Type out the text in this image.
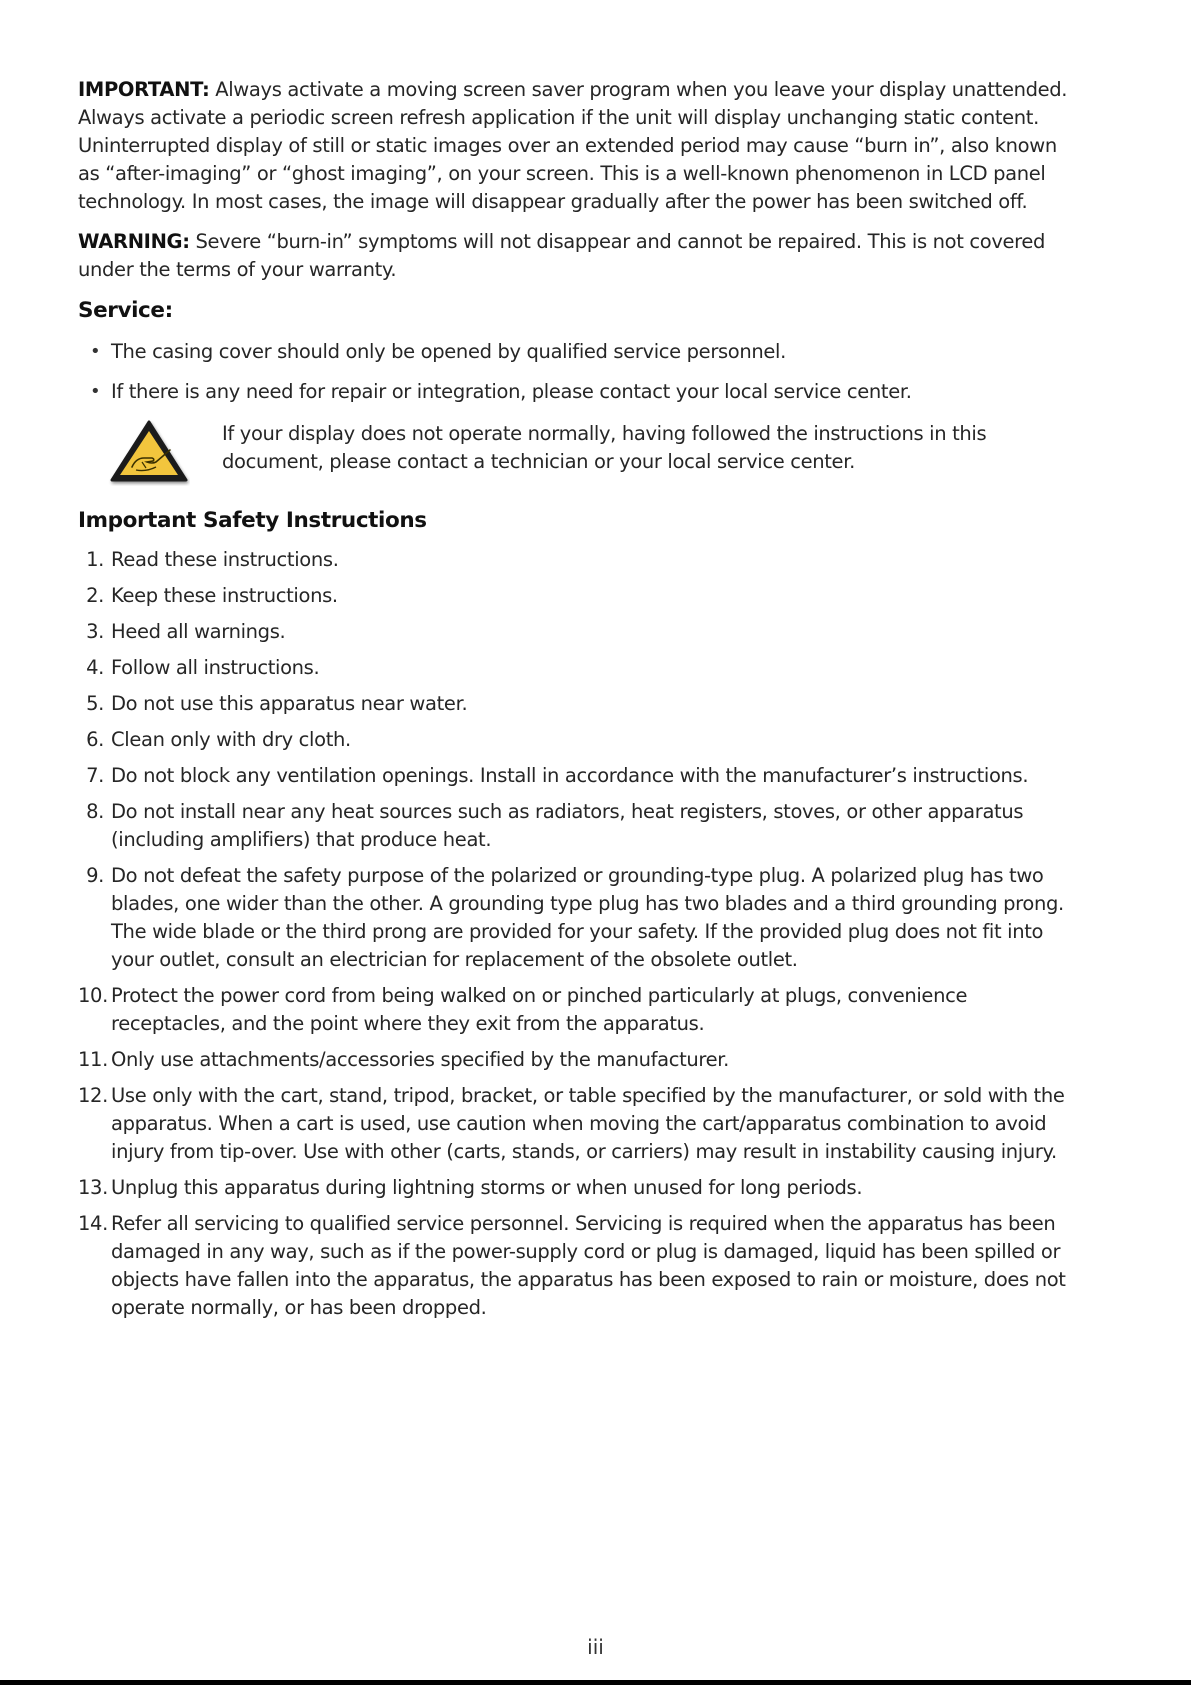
IMPORTANT: Always activate a moving screen saver program when you leave your display unattended.
Always activate a periodic screen refresh application if the unit will display unchanging static content.
Uninterrupted display of still or static images over an extended period may cause “burn in”, also known
as “after-imaging” or “ghost imaging”, on your screen. This is a well-known phenomenon in LCD panel
technology. In most cases, the image will disappear gradually after the power has been switched off.
WARNING: Severe “burn-in” symptoms will not disappear and cannot be repaired. This is not covered
under the terms of your warranty.
Service:
• The casing cover should only be opened by qualified service personnel.
• If there is any need for repair or integration, please contact your local service center.
If your display does not operate normally, having followed the instructions in this
document, please contact a technician or your local service center.
Important Safety Instructions
1. Read these instructions.
2. Keep these instructions.
3. Heed all warnings.
4. Follow all instructions.
5. Do not use this apparatus near water.
6. Clean only with dry cloth.
7. Do not block any ventilation openings. Install in accordance with the manufacturer’s instructions.
8. Do not install near any heat sources such as radiators, heat registers, stoves, or other apparatus
(including amplifiers) that produce heat.
9. Do not defeat the safety purpose of the polarized or grounding-type plug. A polarized plug has two
blades, one wider than the other. A grounding type plug has two blades and a third grounding prong.
The wide blade or the third prong are provided for your safety. If the provided plug does not fit into
your outlet, consult an electrician for replacement of the obsolete outlet.
10. Protect the power cord from being walked on or pinched particularly at plugs, convenience
receptacles, and the point where they exit from the apparatus.
11. Only use attachments/accessories specified by the manufacturer.
12. Use only with the cart, stand, tripod, bracket, or table specified by the manufacturer, or sold with the
apparatus. When a cart is used, use caution when moving the cart/apparatus combination to avoid
injury from tip-over. Use with other (carts, stands, or carriers) may result in instability causing injury.
13. Unplug this apparatus during lightning storms or when unused for long periods.
14. Refer all servicing to qualified service personnel. Servicing is required when the apparatus has been
damaged in any way, such as if the power-supply cord or plug is damaged, liquid has been spilled or
objects have fallen into the apparatus, the apparatus has been exposed to rain or moisture, does not
operate normally, or has been dropped.
iii
